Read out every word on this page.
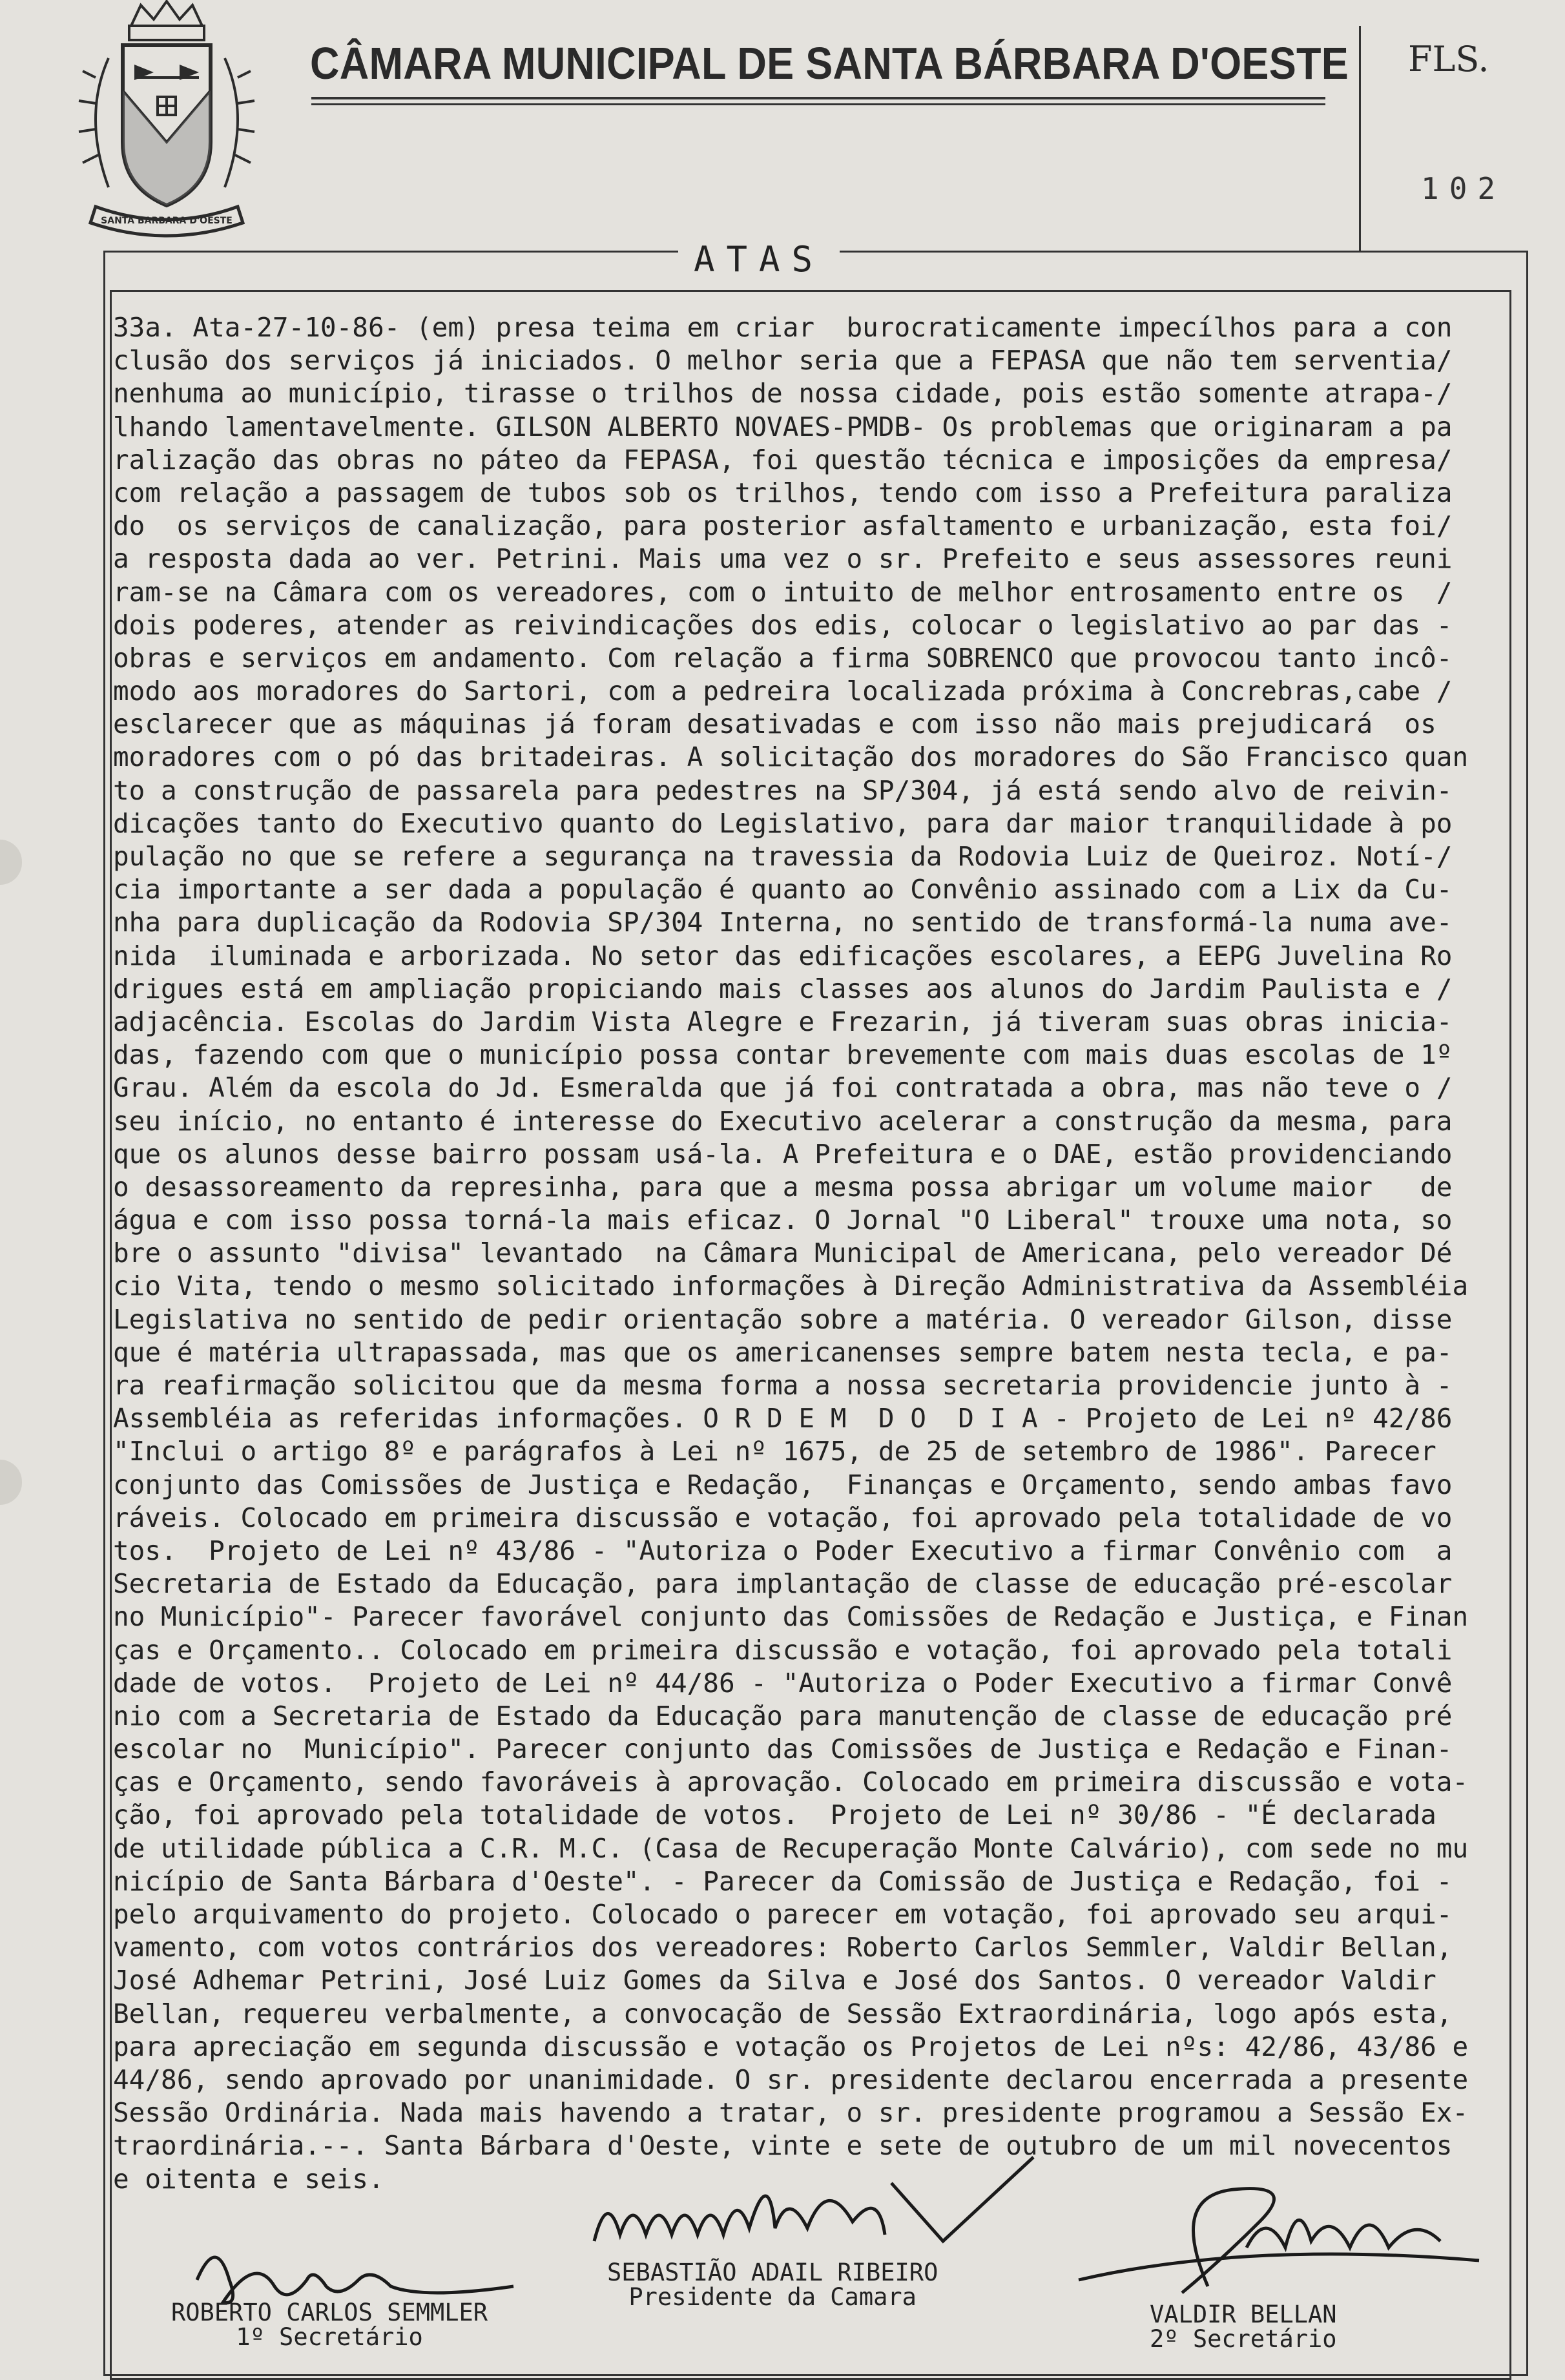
SANTA BARBARA D'OESTE
CÂMARA MUNICIPAL DE SANTA BÁRBARA D'OESTE FLS.
102
ATAS
33a. Ata-27-10-86- (em) presa teima em criar  burocraticamente impecílhos para a con
clusão dos serviços já iniciados. O melhor seria que a FEPASA que não tem serventia/
nenhuma ao município, tirasse o trilhos de nossa cidade, pois estão somente atrapa-/
lhando lamentavelmente. GILSON ALBERTO NOVAES-PMDB- Os problemas que originaram a pa
ralização das obras no páteo da FEPASA, foi questão técnica e imposições da empresa/
com relação a passagem de tubos sob os trilhos, tendo com isso a Prefeitura paraliza
do  os serviços de canalização, para posterior asfaltamento e urbanização, esta foi/
a resposta dada ao ver. Petrini. Mais uma vez o sr. Prefeito e seus assessores reuni
ram-se na Câmara com os vereadores, com o intuito de melhor entrosamento entre os  /
dois poderes, atender as reivindicações dos edis, colocar o legislativo ao par das -
obras e serviços em andamento. Com relação a firma SOBRENCO que provocou tanto incô-
modo aos moradores do Sartori, com a pedreira localizada próxima à Concrebras,cabe /
esclarecer que as máquinas já foram desativadas e com isso não mais prejudicará  os
moradores com o pó das britadeiras. A solicitação dos moradores do São Francisco quan
to a construção de passarela para pedestres na SP/304, já está sendo alvo de reivin-
dicações tanto do Executivo quanto do Legislativo, para dar maior tranquilidade à po
pulação no que se refere a segurança na travessia da Rodovia Luiz de Queiroz. Notí-/
cia importante a ser dada a população é quanto ao Convênio assinado com a Lix da Cu-
nha para duplicação da Rodovia SP/304 Interna, no sentido de transformá-la numa ave-
nida  iluminada e arborizada. No setor das edificações escolares, a EEPG Juvelina Ro
drigues está em ampliação propiciando mais classes aos alunos do Jardim Paulista e /
adjacência. Escolas do Jardim Vista Alegre e Frezarin, já tiveram suas obras inicia-
das, fazendo com que o município possa contar brevemente com mais duas escolas de 1º
Grau. Além da escola do Jd. Esmeralda que já foi contratada a obra, mas não teve o /
seu início, no entanto é interesse do Executivo acelerar a construção da mesma, para
que os alunos desse bairro possam usá-la. A Prefeitura e o DAE, estão providenciando
o desassoreamento da represinha, para que a mesma possa abrigar um volume maior   de
água e com isso possa torná-la mais eficaz. O Jornal "O Liberal" trouxe uma nota, so
bre o assunto "divisa" levantado  na Câmara Municipal de Americana, pelo vereador Dé
cio Vita, tendo o mesmo solicitado informações à Direção Administrativa da Assembléia
Legislativa no sentido de pedir orientação sobre a matéria. O vereador Gilson, disse
que é matéria ultrapassada, mas que os americanenses sempre batem nesta tecla, e pa-
ra reafirmação solicitou que da mesma forma a nossa secretaria providencie junto à -
Assembléia as referidas informações. O R D E M  D O  D I A - Projeto de Lei nº 42/86
"Inclui o artigo 8º e parágrafos à Lei nº 1675, de 25 de setembro de 1986". Parecer
conjunto das Comissões de Justiça e Redação,  Finanças e Orçamento, sendo ambas favo
ráveis. Colocado em primeira discussão e votação, foi aprovado pela totalidade de vo
tos.  Projeto de Lei nº 43/86 - "Autoriza o Poder Executivo a firmar Convênio com  a
Secretaria de Estado da Educação, para implantação de classe de educação pré-escolar
no Município"- Parecer favorável conjunto das Comissões de Redação e Justiça, e Finan
ças e Orçamento.. Colocado em primeira discussão e votação, foi aprovado pela totali
dade de votos.  Projeto de Lei nº 44/86 - "Autoriza o Poder Executivo a firmar Convê
nio com a Secretaria de Estado da Educação para manutenção de classe de educação pré
escolar no  Município". Parecer conjunto das Comissões de Justiça e Redação e Finan-
ças e Orçamento, sendo favoráveis à aprovação. Colocado em primeira discussão e vota-
ção, foi aprovado pela totalidade de votos.  Projeto de Lei nº 30/86 - "É declarada
de utilidade pública a C.R. M.C. (Casa de Recuperação Monte Calvário), com sede no mu
nicípio de Santa Bárbara d'Oeste". - Parecer da Comissão de Justiça e Redação, foi -
pelo arquivamento do projeto. Colocado o parecer em votação, foi aprovado seu arqui-
vamento, com votos contrários dos vereadores: Roberto Carlos Semmler, Valdir Bellan,
José Adhemar Petrini, José Luiz Gomes da Silva e José dos Santos. O vereador Valdir
Bellan, requereu verbalmente, a convocação de Sessão Extraordinária, logo após esta,
para apreciação em segunda discussão e votação os Projetos de Lei nºs: 42/86, 43/86 e
44/86, sendo aprovado por unanimidade. O sr. presidente declarou encerrada a presente
Sessão Ordinária. Nada mais havendo a tratar, o sr. presidente programou a Sessão Ex-
traordinária.--. Santa Bárbara d'Oeste, vinte e sete de outubro de um mil novecentos
e oitenta e seis.
ROBERTO CARLOS SEMMLER
1º Secretário
SEBASTIÃO ADAIL RIBEIRO
Presidente da Camara
VALDIR BELLAN
2º Secretário
